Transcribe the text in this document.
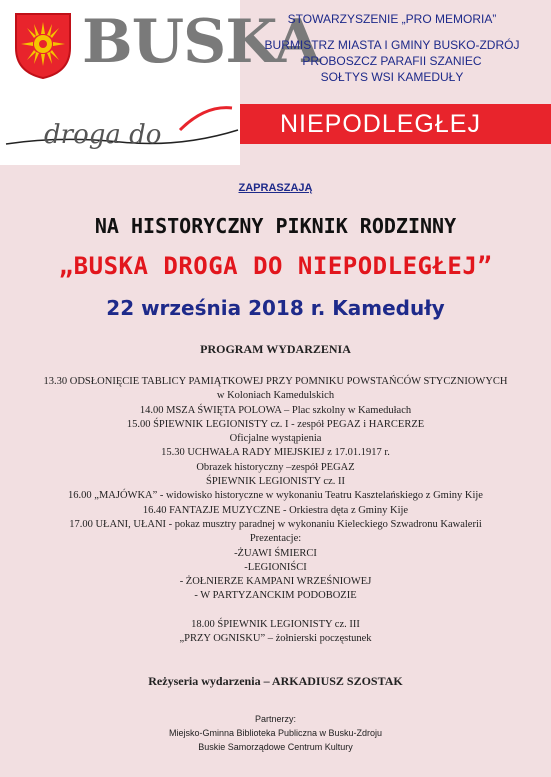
BUSKA
droga do	NIEPODLEGŁEJ
STOWARZYSZENIE „PRO MEMORIA”
BURMISTRZ MIASTA I GMINY BUSKO-ZDRÓJ
PROBOSZCZ PARAFII SZANIEC
SOŁTYS WSI KAMEDUŁY
ZAPRASZAJĄ
NA HISTORYCZNY PIKNIK RODZINNY
„BUSKA DROGA DO NIEPODLEGŁEJ”
22 września 2018 r. Kameduły
PROGRAM WYDARZENIA
13.30 ODSŁONIĘCIE TABLICY PAMIĄTKOWEJ PRZY POMNIKU POWSTAŃCÓW STYCZNIOWYCH
w Koloniach Kamedulskich
14.00 MSZA ŚWIĘTA POLOWA – Plac szkolny w Kamedułach
15.00 ŚPIEWNIK LEGIONISTY cz. I - zespół PEGAZ i HARCERZE
Oficjalne wystąpienia
15.30 UCHWAŁA RADY MIEJSKIEJ z 17.01.1917 r.
Obrazek historyczny –zespół PEGAZ
ŚPIEWNIK LEGIONISTY cz. II
16.00 „MAJÓWKA” - widowisko historyczne w wykonaniu Teatru Kasztelańskiego z Gminy Kije
16.40 FANTAZJE MUZYCZNE - Orkiestra dęta z Gminy Kije
17.00 UŁANI, UŁANI - pokaz musztry paradnej w wykonaniu Kieleckiego Szwadronu Kawalerii
Prezentacje:
-ŻUAWI ŚMIERCI
-LEGIONIŚCI
- ŻOŁNIERZE KAMPANI WRZEŚNIOWEJ
- W PARTYZANCKIM PODOBOZIE

18.00 ŚPIEWNIK LEGIONISTY cz. III
„PRZY OGNISKU” – żołnierski poczęstunek
Reżyseria wydarzenia – ARKADIUSZ SZOSTAK
Partnerzy:
Miejsko-Gminna Biblioteka Publiczna w Busku-Zdroju
Buskie Samorządowe Centrum Kultury
